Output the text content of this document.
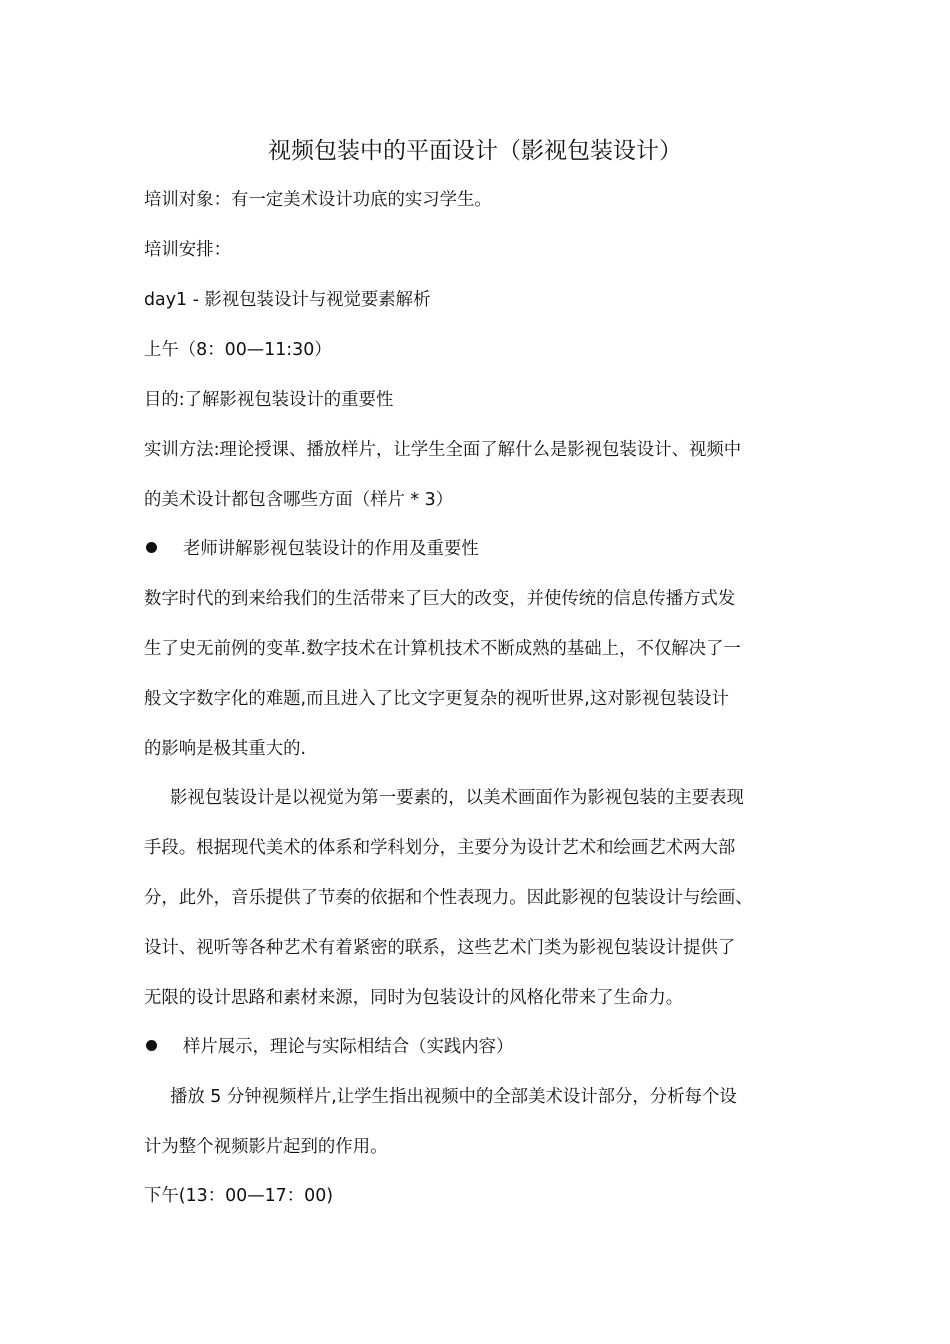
视频包装中的平面设计（影视包装设计）
培训对象：有一定美术设计功底的实习学生。
培训安排：
day1 - 影视包装设计与视觉要素解析
上午（8：00—11:30）
目的:了解影视包装设计的重要性
实训方法:理论授课、播放样片，让学生全面了解什么是影视包装设计、视频中
的美术设计都包含哪些方面（样片 * 3）
老师讲解影视包装设计的作用及重要性
数字时代的到来给我们的生活带来了巨大的改变，并使传统的信息传播方式发
生了史无前例的变革.数字技术在计算机技术不断成熟的基础上，不仅解决了一
般文字数字化的难题,而且进入了比文字更复杂的视听世界,这对影视包装设计
的影响是极其重大的.
影视包装设计是以视觉为第一要素的，以美术画面作为影视包装的主要表现
手段。根据现代美术的体系和学科划分，主要分为设计艺术和绘画艺术两大部
分，此外，音乐提供了节奏的依据和个性表现力。因此影视的包装设计与绘画、
设计、视听等各种艺术有着紧密的联系，这些艺术门类为影视包装设计提供了
无限的设计思路和素材来源，同时为包装设计的风格化带来了生命力。
样片展示，理论与实际相结合（实践内容）
播放 5 分钟视频样片,让学生指出视频中的全部美术设计部分，分析每个设
计为整个视频影片起到的作用。
下午(13：00—17：00)
